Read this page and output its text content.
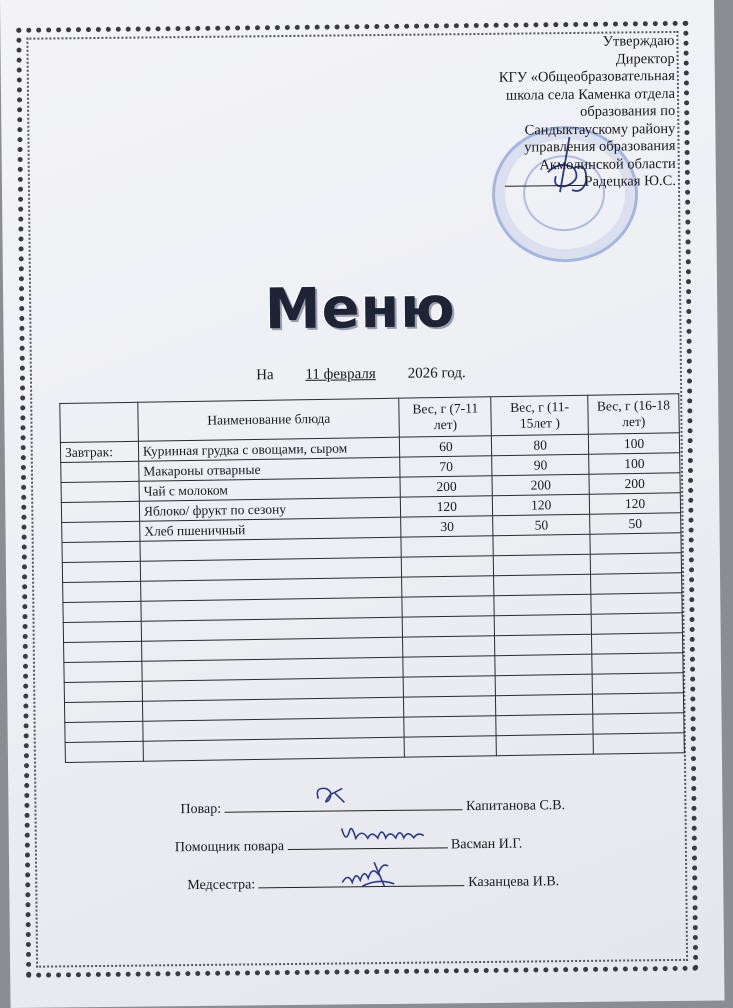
Утверждаю
Директор
КГУ «Общеобразовательная
школа села Каменка отдела
образования по
Сандыктаускому району
управления образования
Акмолинской области
Радецкая Ю.С.
Меню
На 11 февраля 2026 год.
	Наименование блюда	Вес, г (7-11 лет)	Вес, г (11-15лет )	Вес, г (16-18 лет)
Завтрак:	Куринная грудка с овощами, сыром	60	80	100
	Макароны отварные	70	90	100
	Чай с молоком	200	200	200
	Яблоко/ фрукт по сезону	120	120	120
	Хлеб пшеничный	30	50	50

Повар:	Капитанова С.В.
Помощник повара	Васман И.Г.
Медсестра:	Казанцева И.В.
